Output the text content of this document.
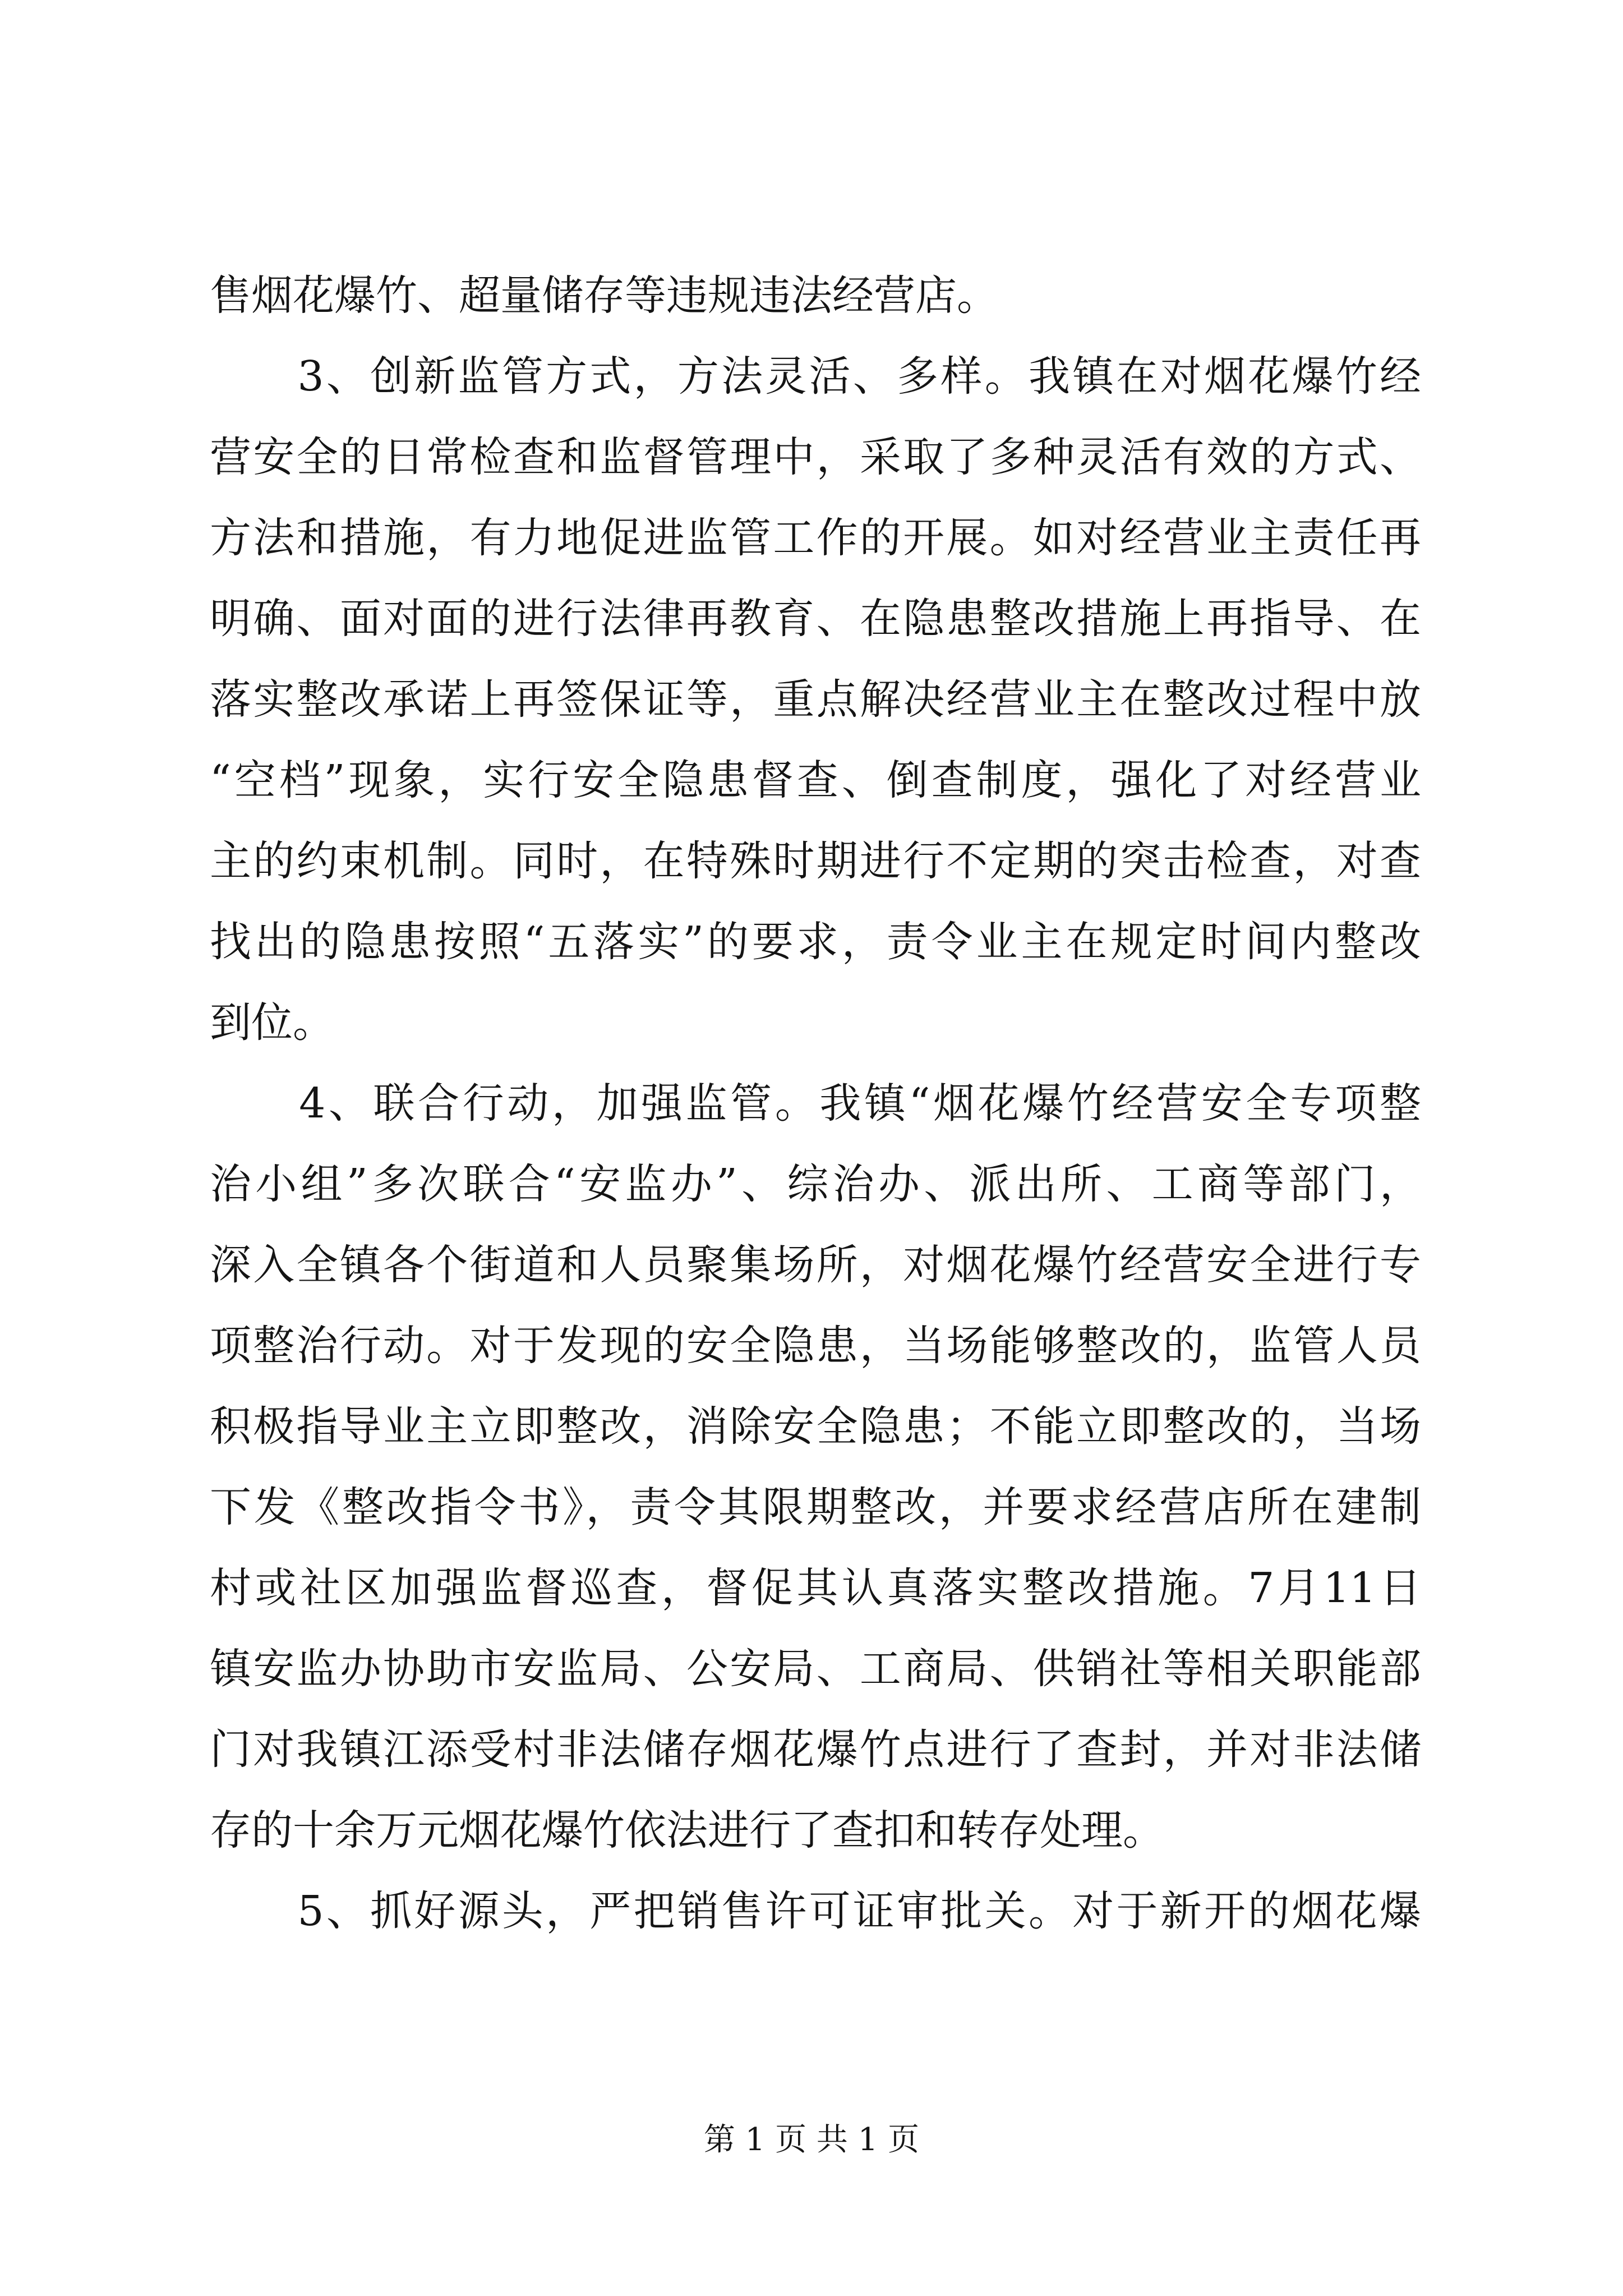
售烟花爆竹、超量储存等违规违法经营店。
　　3、创新监管方式，方法灵活、多样。我镇在对烟花爆竹经
营安全的日常检查和监督管理中，采取了多种灵活有效的方式、
方法和措施，有力地促进监管工作的开展。如对经营业主责任再
明确、面对面的进行法律再教育、在隐患整改措施上再指导、在
落实整改承诺上再签保证等，重点解决经营业主在整改过程中放
“空档”现象，实行安全隐患督查、倒查制度，强化了对经营业
主的约束机制。同时，在特殊时期进行不定期的突击检查，对查
找出的隐患按照“五落实”的要求，责令业主在规定时间内整改
到位。
　　4、联合行动，加强监管。我镇“烟花爆竹经营安全专项整
治小组”多次联合“安监办”、综治办、派出所、工商等部门，
深入全镇各个街道和人员聚集场所，对烟花爆竹经营安全进行专
项整治行动。对于发现的安全隐患，当场能够整改的，监管人员
积极指导业主立即整改，消除安全隐患；不能立即整改的，当场
下发《整改指令书》，责令其限期整改，并要求经营店所在建制
村或社区加强监督巡查，督促其认真落实整改措施。7月11日
镇安监办协助市安监局、公安局、工商局、供销社等相关职能部
门对我镇江添受村非法储存烟花爆竹点进行了查封，并对非法储
存的十余万元烟花爆竹依法进行了查扣和转存处理。
　　5、抓好源头，严把销售许可证审批关。对于新开的烟花爆
第 1 页 共 1 页
